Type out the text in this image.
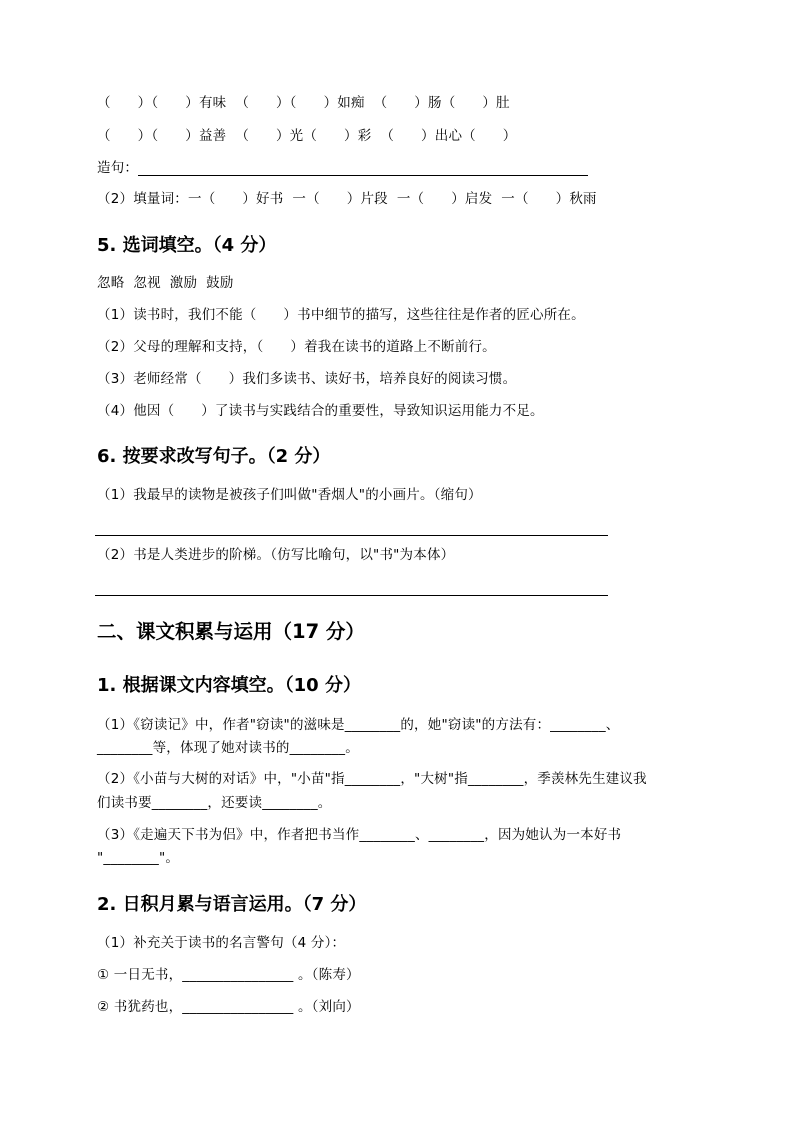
（      ）（      ）有味  （      ）（      ）如痴  （      ）肠（      ）肚
（      ）（      ）益善  （      ）光（      ）彩  （      ）出心（      ）
造句：
（2）填量词：一（      ）好书  一（      ）片段  一（      ）启发  一（      ）秋雨
5. 选词填空。（4 分）
忽略  忽视  激励  鼓励
（1）读书时，我们不能（      ）书中细节的描写，这些往往是作者的匠心所在。
（2）父母的理解和支持，（      ）着我在读书的道路上不断前行。
（3）老师经常（      ）我们多读书、读好书，培养良好的阅读习惯。
（4）他因（      ）了读书与实践结合的重要性，导致知识运用能力不足。
6. 按要求改写句子。（2 分）
（1）我最早的读物是被孩子们叫做"香烟人"的小画片。（缩句）
（2）书是人类进步的阶梯。（仿写比喻句，以"书"为本体）
二、课文积累与运用（17 分）
1. 根据课文内容填空。（10 分）
（1）《窃读记》中，作者"窃读"的滋味是________的，她"窃读"的方法有：________、
________等，体现了她对读书的________。
（2）《小苗与大树的对话》中，"小苗"指________，"大树"指________，季羡林先生建议我
们读书要________，还要读________。
（3）《走遍天下书为侣》中，作者把书当作________、________，因为她认为一本好书
"________"。
2. 日积月累与语言运用。（7 分）
（1）补充关于读书的名言警句（4 分）：
① 一日无书，________________ 。（陈寿）
② 书犹药也，________________ 。（刘向）
